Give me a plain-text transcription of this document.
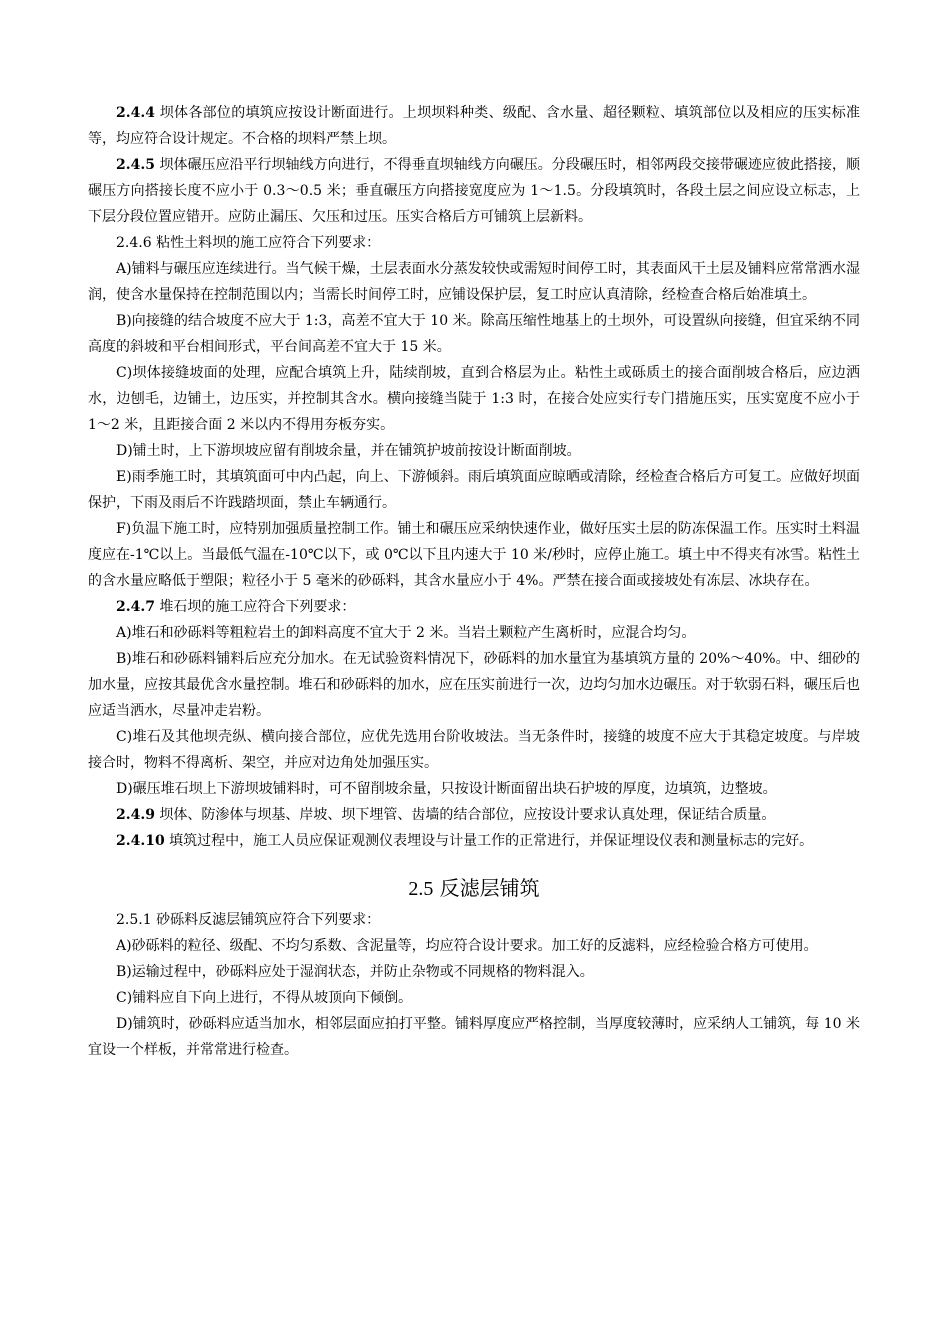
2.4.4 坝体各部位的填筑应按设计断面进行。上坝坝料种类、级配、含水量、超径颗粒、填筑部位以及相应的压实标准等，均应符合设计规定。不合格的坝料严禁上坝。

2.4.5 坝体碾压应沿平行坝轴线方向进行，不得垂直坝轴线方向碾压。分段碾压时，相邻两段交接带碾迹应彼此搭接，顺碾压方向搭接长度不应小于 0.3～0.5 米；垂直碾压方向搭接宽度应为 1～1.5。分段填筑时，各段土层之间应设立标志，上下层分段位置应错开。应防止漏压、欠压和过压。压实合格后方可铺筑上层新料。

2.4.6 粘性土料坝的施工应符合下列要求：

A)铺料与碾压应连续进行。当气候干燥，土层表面水分蒸发较快或需短时间停工时，其表面风干土层及铺料应常常洒水湿润，使含水量保持在控制范围以内；当需长时间停工时，应铺设保护层，复工时应认真清除，经检查合格后始准填土。

B)向接缝的结合坡度不应大于 1:3，高差不宜大于 10 米。除高压缩性地基上的土坝外，可设置纵向接缝，但宜采纳不同高度的斜坡和平台相间形式，平台间高差不宜大于 15 米。

C)坝体接缝坡面的处理，应配合填筑上升，陆续削坡，直到合格层为止。粘性土或砾质土的接合面削坡合格后，应边洒水，边刨毛，边铺土，边压实，并控制其含水。横向接缝当陡于 1:3 时，在接合处应实行专门措施压实，压实宽度不应小于 1～2 米，且距接合面 2 米以内不得用夯板夯实。

D)铺土时，上下游坝坡应留有削坡余量，并在铺筑护坡前按设计断面削坡。

E)雨季施工时，其填筑面可中内凸起，向上、下游倾斜。雨后填筑面应晾晒或清除，经检查合格后方可复工。应做好坝面保护，下雨及雨后不许践踏坝面，禁止车辆通行。

F)负温下施工时，应特别加强质量控制工作。铺土和碾压应采纳快速作业，做好压实土层的防冻保温工作。压实时土料温度应在-1℃以上。当最低气温在-10℃以下，或 0℃以下且内速大于 10 米/秒时，应停止施工。填土中不得夹有冰雪。粘性土的含水量应略低于塑限；粒径小于 5 毫米的砂砾料，其含水量应小于 4%。严禁在接合面或接坡处有冻层、冰块存在。

2.4.7 堆石坝的施工应符合下列要求：

A)堆石和砂砾料等粗粒岩土的卸料高度不宜大于 2 米。当岩土颗粒产生离析时，应混合均匀。

B)堆石和砂砾料铺料后应充分加水。在无试验资料情况下，砂砾料的加水量宜为基填筑方量的 20%～40%。中、细砂的加水量，应按其最优含水量控制。堆石和砂砾料的加水，应在压实前进行一次，边均匀加水边碾压。对于软弱石料，碾压后也应适当洒水，尽量冲走岩粉。

C)堆石及其他坝壳纵、横向接合部位，应优先选用台阶收坡法。当无条件时，接缝的坡度不应大于其稳定坡度。与岸坡接合时，物料不得离析、架空，并应对边角处加强压实。

D)碾压堆石坝上下游坝坡铺料时，可不留削坡余量，只按设计断面留出块石护坡的厚度，边填筑，边整坡。

2.4.9 坝体、防渗体与坝基、岸坡、坝下埋管、齿墙的结合部位，应按设计要求认真处理，保证结合质量。

2.4.10 填筑过程中，施工人员应保证观测仪表埋设与计量工作的正常进行，并保证埋设仪表和测量标志的完好。

2.5 反滤层铺筑

2.5.1 砂砾料反滤层铺筑应符合下列要求：

A)砂砾料的粒径、级配、不均匀系数、含泥量等，均应符合设计要求。加工好的反滤料，应经检验合格方可使用。

B)运输过程中，砂砾料应处于湿润状态，并防止杂物或不同规格的物料混入。

C)铺料应自下向上进行，不得从坡顶向下倾倒。

D)铺筑时，砂砾料应适当加水，相邻层面应拍打平整。铺料厚度应严格控制，当厚度较薄时，应采纳人工铺筑，每 10 米宜设一个样板，并常常进行检查。
